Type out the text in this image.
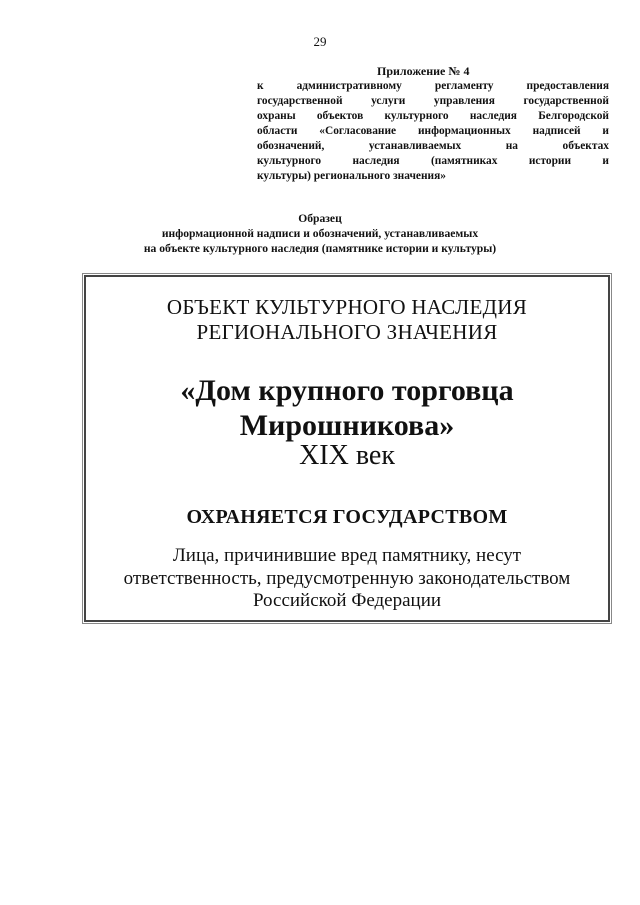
29
Приложение № 4
к административному регламенту предоставления
государственной услуги управления государственной
охраны объектов культурного наследия Белгородской
области «Согласование информационных надписей и
обозначений, устанавливаемых на объектах
культурного наследия (памятниках истории и
культуры) регионального значения»
Образец
информационной надписи и обозначений, устанавливаемых
на объекте культурного наследия (памятнике истории и культуры)
ОБЪЕКТ КУЛЬТУРНОГО НАСЛЕДИЯ
РЕГИОНАЛЬНОГО ЗНАЧЕНИЯ
«Дом крупного торговца
Мирошникова»
XIX век
ОХРАНЯЕТСЯ ГОСУДАРСТВОМ
Лица, причинившие вред памятнику, несут
ответственность, предусмотренную законодательством
Российской Федерации
